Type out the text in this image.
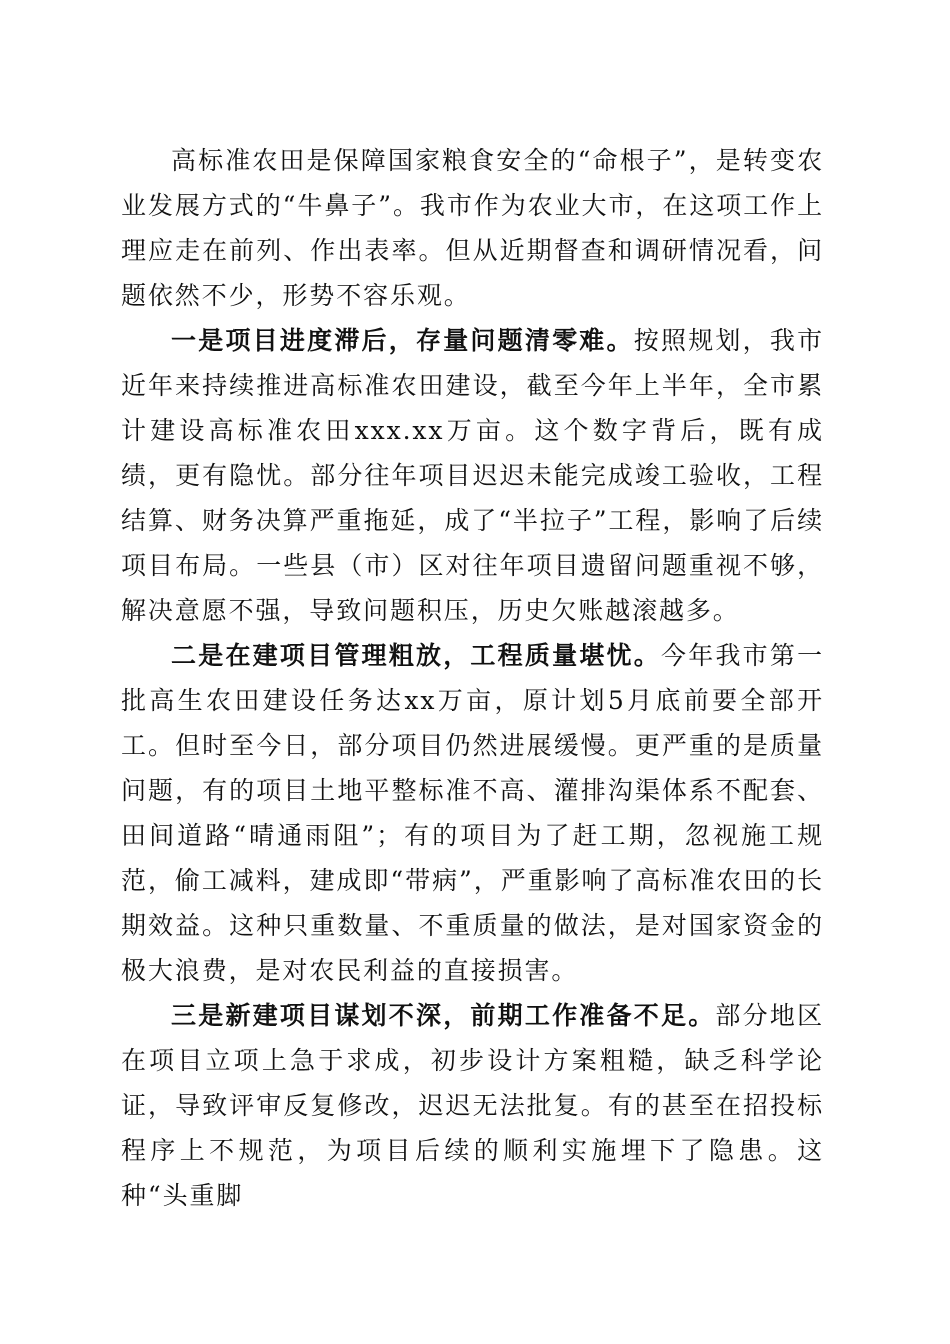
高标准农田是保障国家粮食安全的“命根子”，是转变农业发展方式的“牛鼻子”。我市作为农业大市，在这项工作上理应走在前列、作出表率。但从近期督查和调研情况看，问题依然不少，形势不容乐观。

一是项目进度滞后，存量问题清零难。按照规划，我市近年来持续推进高标准农田建设，截至今年上半年，全市累计建设高标准农田xxx.xx万亩。这个数字背后，既有成绩，更有隐忧。部分往年项目迟迟未能完成竣工验收，工程结算、财务决算严重拖延，成了“半拉子”工程，影响了后续项目布局。一些县（市）区对往年项目遗留问题重视不够，解决意愿不强，导致问题积压，历史欠账越滚越多。

二是在建项目管理粗放，工程质量堪忧。今年我市第一批高生农田建设任务达xx万亩，原计划5月底前要全部开工。但时至今日，部分项目仍然进展缓慢。更严重的是质量问题，有的项目土地平整标准不高、灌排沟渠体系不配套、田间道路“晴通雨阻”；有的项目为了赶工期，忽视施工规范，偷工减料，建成即“带病”，严重影响了高标准农田的长期效益。这种只重数量、不重质量的做法，是对国家资金的极大浪费，是对农民利益的直接损害。

三是新建项目谋划不深，前期工作准备不足。部分地区在项目立项上急于求成，初步设计方案粗糙，缺乏科学论证，导致评审反复修改，迟迟无法批复。有的甚至在招投标程序上不规范，为项目后续的顺利实施埋下了隐患。这种“头重脚
